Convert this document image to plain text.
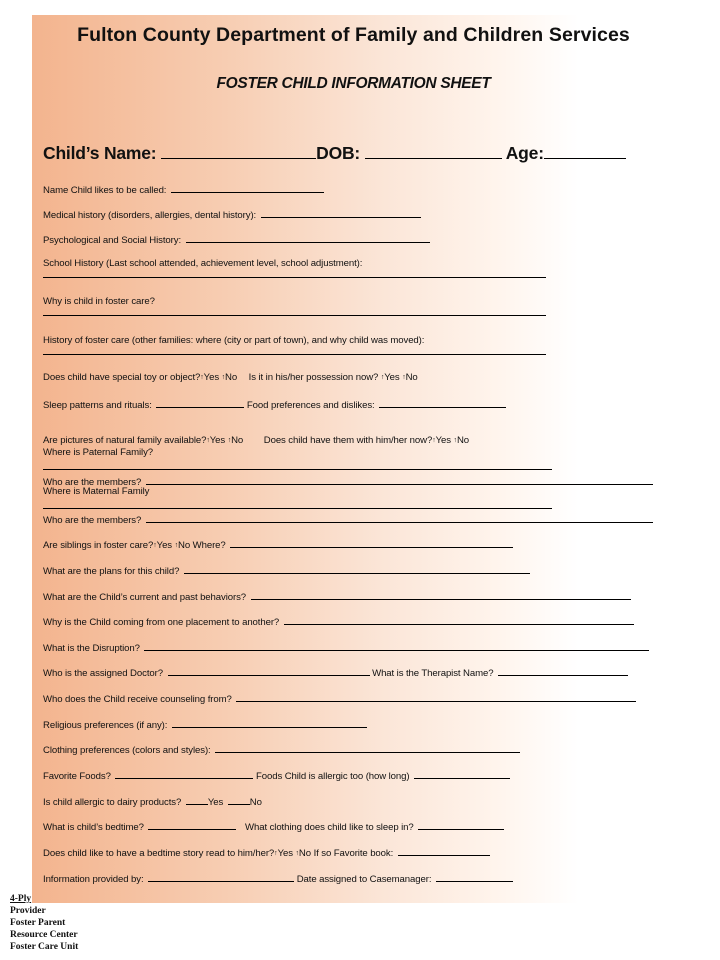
Fulton County Department of Family and Children Services
FOSTER CHILD INFORMATION SHEET
Child’s Name:	DOB:	Age:
Name Child likes to be called:
Medical history (disorders, allergies, dental history):
Psychological and Social History:
School History (Last school attended, achievement level, school adjustment):
Why is child in foster care?
History of foster care (other families: where (city or part of town), and why child was moved):
Does child have special toy or object?↑Yes ↑No Is it in his/her possession now? ↑Yes ↑No
Sleep patterns and rituals:	Food preferences and dislikes:
Are pictures of natural family available?↑Yes ↑No Does child have them with him/her now?↑Yes ↑No
Where is Paternal Family?
Who are the members?
Where is Maternal Family
Who are the members?
Are siblings in foster care?↑Yes ↑No Where?
What are the plans for this child?
What are the Child’s current and past behaviors?
Why is the Child coming from one placement to another?
What is the Disruption?
Who is the assigned Doctor?	What is the Therapist Name?
Who does the Child receive counseling from?
Religious preferences (if any):
Clothing preferences (colors and styles):
Favorite Foods?	Foods Child is allergic too (how long)
Is child allergic to dairy products?	Yes	No
What is child’s bedtime?	What clothing does child like to sleep in?
Does child like to have a bedtime story read to him/her?↑Yes ↑No If so Favorite book:
Information provided by:	Date assigned to Casemanager:
4-Ply
Provider
Foster Parent
Resource Center
Foster Care Unit
